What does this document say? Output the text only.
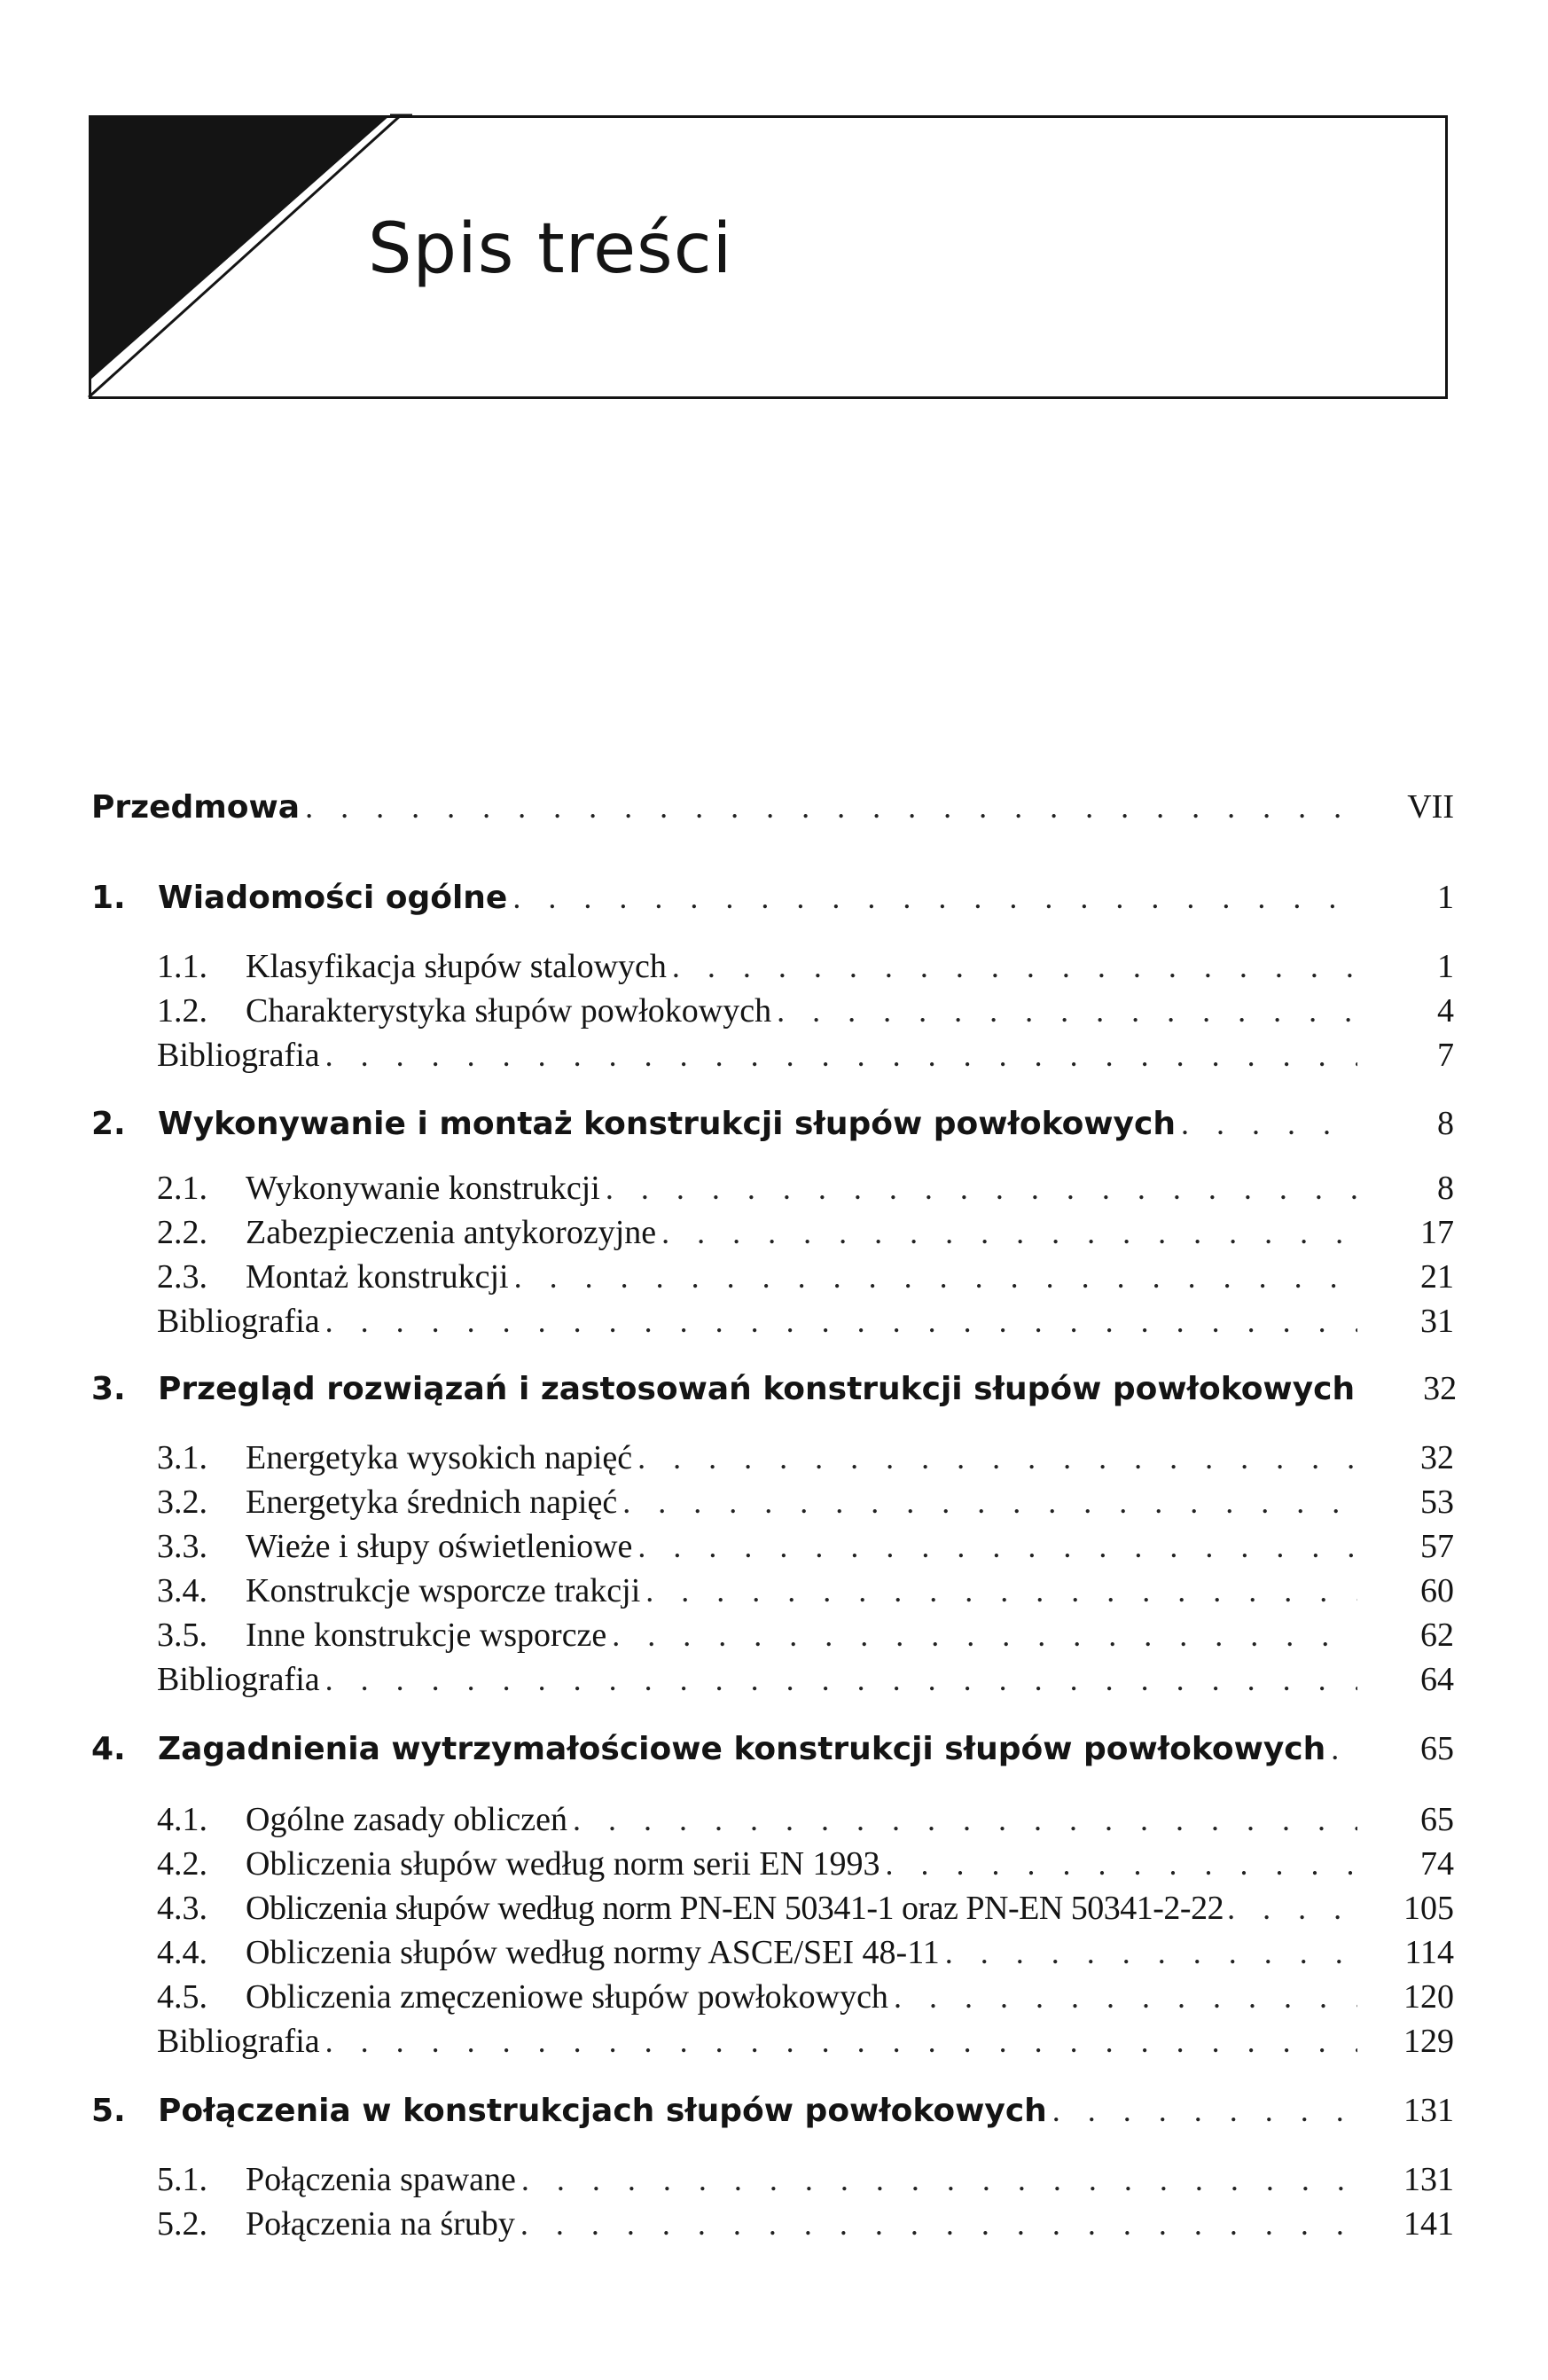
Spis treści
Przedmowa . . .	VII
1.	Wiadomości ogólne . . .	1
1.1.	Klasyfikacja słupów stalowych . . .	1
1.2.	Charakterystyka słupów powłokowych . . .	4
Bibliografia . . .	7
2.	Wykonywanie i montaż konstrukcji słupów powłokowych . . .	8
2.1.	Wykonywanie konstrukcji . . .	8
2.2.	Zabezpieczenia antykorozyjne . . .	17
2.3.	Montaż konstrukcji . . .	21
Bibliografia . . .	31
3.	Przegląd rozwiązań i zastosowań konstrukcji słupów powłokowych	32
3.1.	Energetyka wysokich napięć . . .	32
3.2.	Energetyka średnich napięć . . .	53
3.3.	Wieże i słupy oświetleniowe . . .	57
3.4.	Konstrukcje wsporcze trakcji . . .	60
3.5.	Inne konstrukcje wsporcze . . .	62
Bibliografia . . .	64
4.	Zagadnienia wytrzymałościowe konstrukcji słupów powłokowych . . .	65
4.1.	Ogólne zasady obliczeń . . .	65
4.2.	Obliczenia słupów według norm serii EN 1993 . . .	74
4.3.	Obliczenia słupów według norm PN-EN 50341-1 oraz PN-EN 50341-2-22 . . .	105
4.4.	Obliczenia słupów według normy ASCE/SEI 48-11 . . .	114
4.5.	Obliczenia zmęczeniowe słupów powłokowych . . .	120
Bibliografia . . .	129
5.	Połączenia w konstrukcjach słupów powłokowych . . .	131
5.1.	Połączenia spawane . . .	131
5.2.	Połączenia na śruby . . .	141
